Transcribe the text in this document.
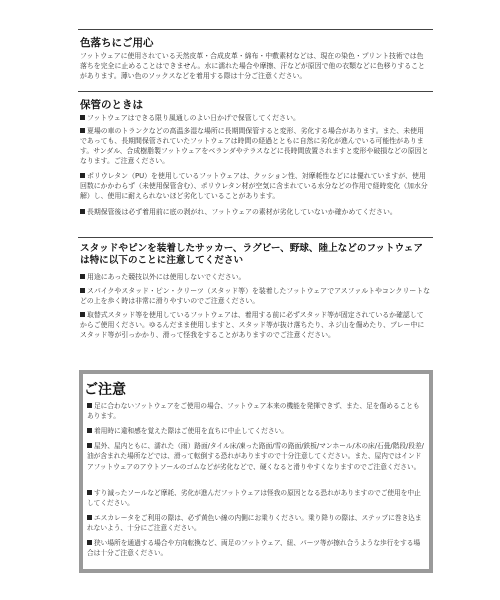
色落ちにご用心

フットウェアに使用されている天然皮革・合成皮革・綿布・中敷素材などは、現在の染色・プリント技術では色落ちを完全に止めることはできません。水に濡れた場合や摩擦、汗などが原因で他の衣類などに色移りすることがあります。薄い色のソックスなどを着用する際は十分ご注意ください。

保管のときは

フットウェアはできる限り風通しのよい日かげで保管してください。

夏場の車のトランクなどの高温多湿な場所に長期間保管すると変形、劣化する場合があります。また、未使用であっても、長期間保管されていたフットウェアは時間の経過とともに自然に劣化が進んでいる可能性があります。サンダル、合成樹脂製フットウェアをベランダやテラスなどに長時間放置されますと変形や破損などの原因となります。ご注意ください。

ポリウレタン（PU）を使用しているフットウェアは、クッション性、対摩耗性などには優れていますが、使用回数にかかわらず（未使用保管含む）、ポリウレタン材が空気に含まれている水分などの作用で経時変化（加水分解）し、使用に耐えられないほど劣化していることがあります。

長期保管後は必ず着用前に底の剥がれ、フットウェアの素材が劣化していないか確かめてください。

スタッドやピンを装着したサッカー、ラグビー、野球、陸上などのフットウェアは特に以下のことに注意してください

用途にあった競技以外には使用しないでください。

スパイクやスタッド・ピン・クリーツ（スタッド等）を装着したフットウェアでアスファルトやコンクリートなどの上を歩く時は非常に滑りやすいのでご注意ください。

取替式スタッド等を使用しているフットウェアは、着用する前に必ずスタッド等が固定されているか確認してからご使用ください。ゆるんだまま使用しますと、スタッド等が抜け落ちたり、ネジ山を傷めたり、プレー中にスタッド等が引っかかり、滑って怪我をすることがありますのでご注意ください。

ご注意

足に合わないフットウェアをご使用の場合、フットウェア本来の機能を発揮できず、また、足を傷めることもあります。

着用時に違和感を覚えた際はご使用を直ちに中止してください。

屋外、屋内ともに、濡れた（雨）路面/タイル床/凍った路面/雪の路面/鉄板/マンホール/木の床/石畳/階段/段差/油が含まれた場所などでは、滑って転倒する恐れがありますので十分注意してください。また、屋内ではインドアフットウェアのアウトソールのゴムなどが劣化などで、硬くなると滑りやすくなりますのでご注意ください。

すり減ったソールなど摩耗、劣化が進んだフットウェアは怪我の原因となる恐れがありますのでご使用を中止してください。

エスカレータをご利用の際は、必ず黄色い線の内側にお乗りください。乗り降りの際は、ステップに巻き込まれないよう、十分にご注意ください。

狭い場所を通過する場合や方向転換など、両足のフットウェア、紐、パーツ等が擦れ合うような歩行をする場合は十分ご注意ください。
